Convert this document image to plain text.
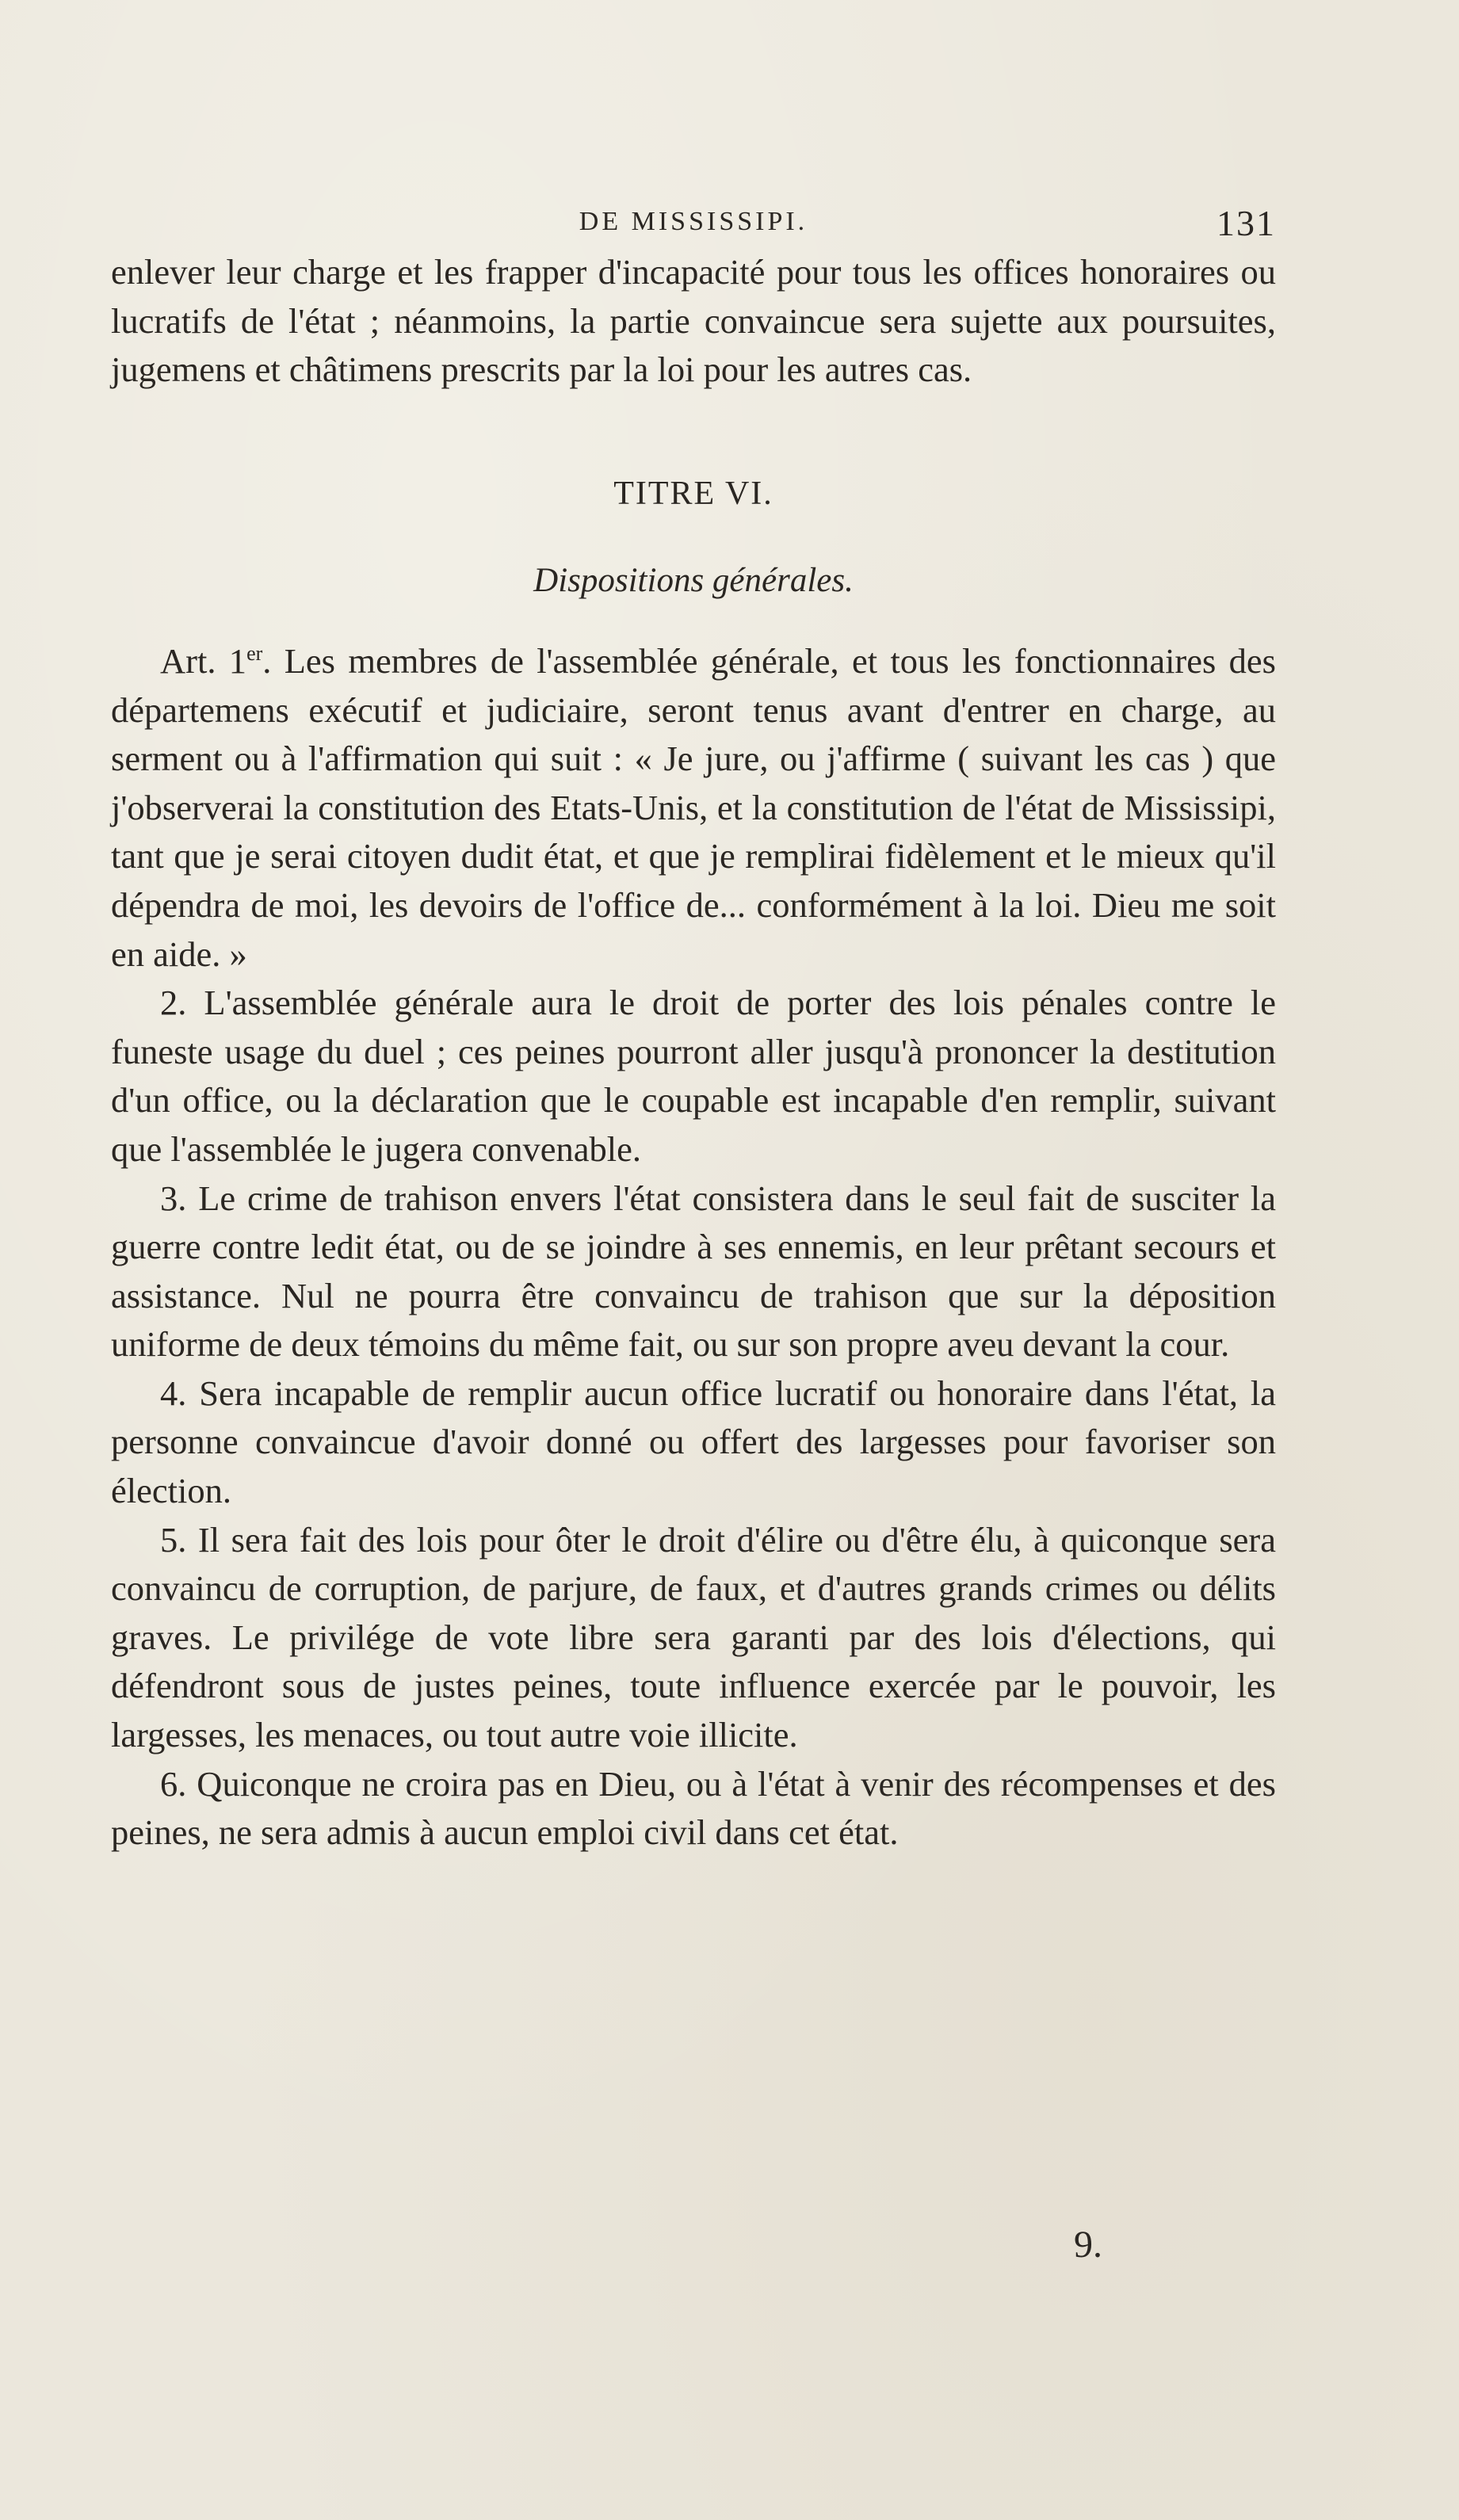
DE MISSISSIPI.	131

enlever leur charge et les frapper d'incapacité pour tous les offices honoraires ou lucratifs de l'état ; néanmoins, la partie convaincue sera sujette aux poursuites, jugemens et châtimens prescrits par la loi pour les autres cas.

TITRE VI.

Dispositions générales.

Art. 1er. Les membres de l'assemblée générale, et tous les fonctionnaires des départemens exécutif et judiciaire, seront tenus avant d'entrer en charge, au serment ou à l'affirmation qui suit : « Je jure, ou j'affirme ( suivant les cas ) que j'observerai la constitution des Etats-Unis, et la constitution de l'état de Mississipi, tant que je serai citoyen dudit état, et que je remplirai fidèlement et le mieux qu'il dépendra de moi, les devoirs de l'office de... conformément à la loi. Dieu me soit en aide. »

2. L'assemblée générale aura le droit de porter des lois pénales contre le funeste usage du duel ; ces peines pourront aller jusqu'à prononcer la destitution d'un office, ou la déclaration que le coupable est incapable d'en remplir, suivant que l'assemblée le jugera convenable.

3. Le crime de trahison envers l'état consistera dans le seul fait de susciter la guerre contre ledit état, ou de se joindre à ses ennemis, en leur prêtant secours et assistance. Nul ne pourra être convaincu de trahison que sur la déposition uniforme de deux témoins du même fait, ou sur son propre aveu devant la cour.

4. Sera incapable de remplir aucun office lucratif ou honoraire dans l'état, la personne convaincue d'avoir donné ou offert des largesses pour favoriser son élection.

5. Il sera fait des lois pour ôter le droit d'élire ou d'être élu, à quiconque sera convaincu de corruption, de parjure, de faux, et d'autres grands crimes ou délits graves. Le privilége de vote libre sera garanti par des lois d'élections, qui défendront sous de justes peines, toute influence exercée par le pouvoir, les largesses, les menaces, ou tout autre voie illicite.

6. Quiconque ne croira pas en Dieu, ou à l'état à venir des récompenses et des peines, ne sera admis à aucun emploi civil dans cet état.

9.
